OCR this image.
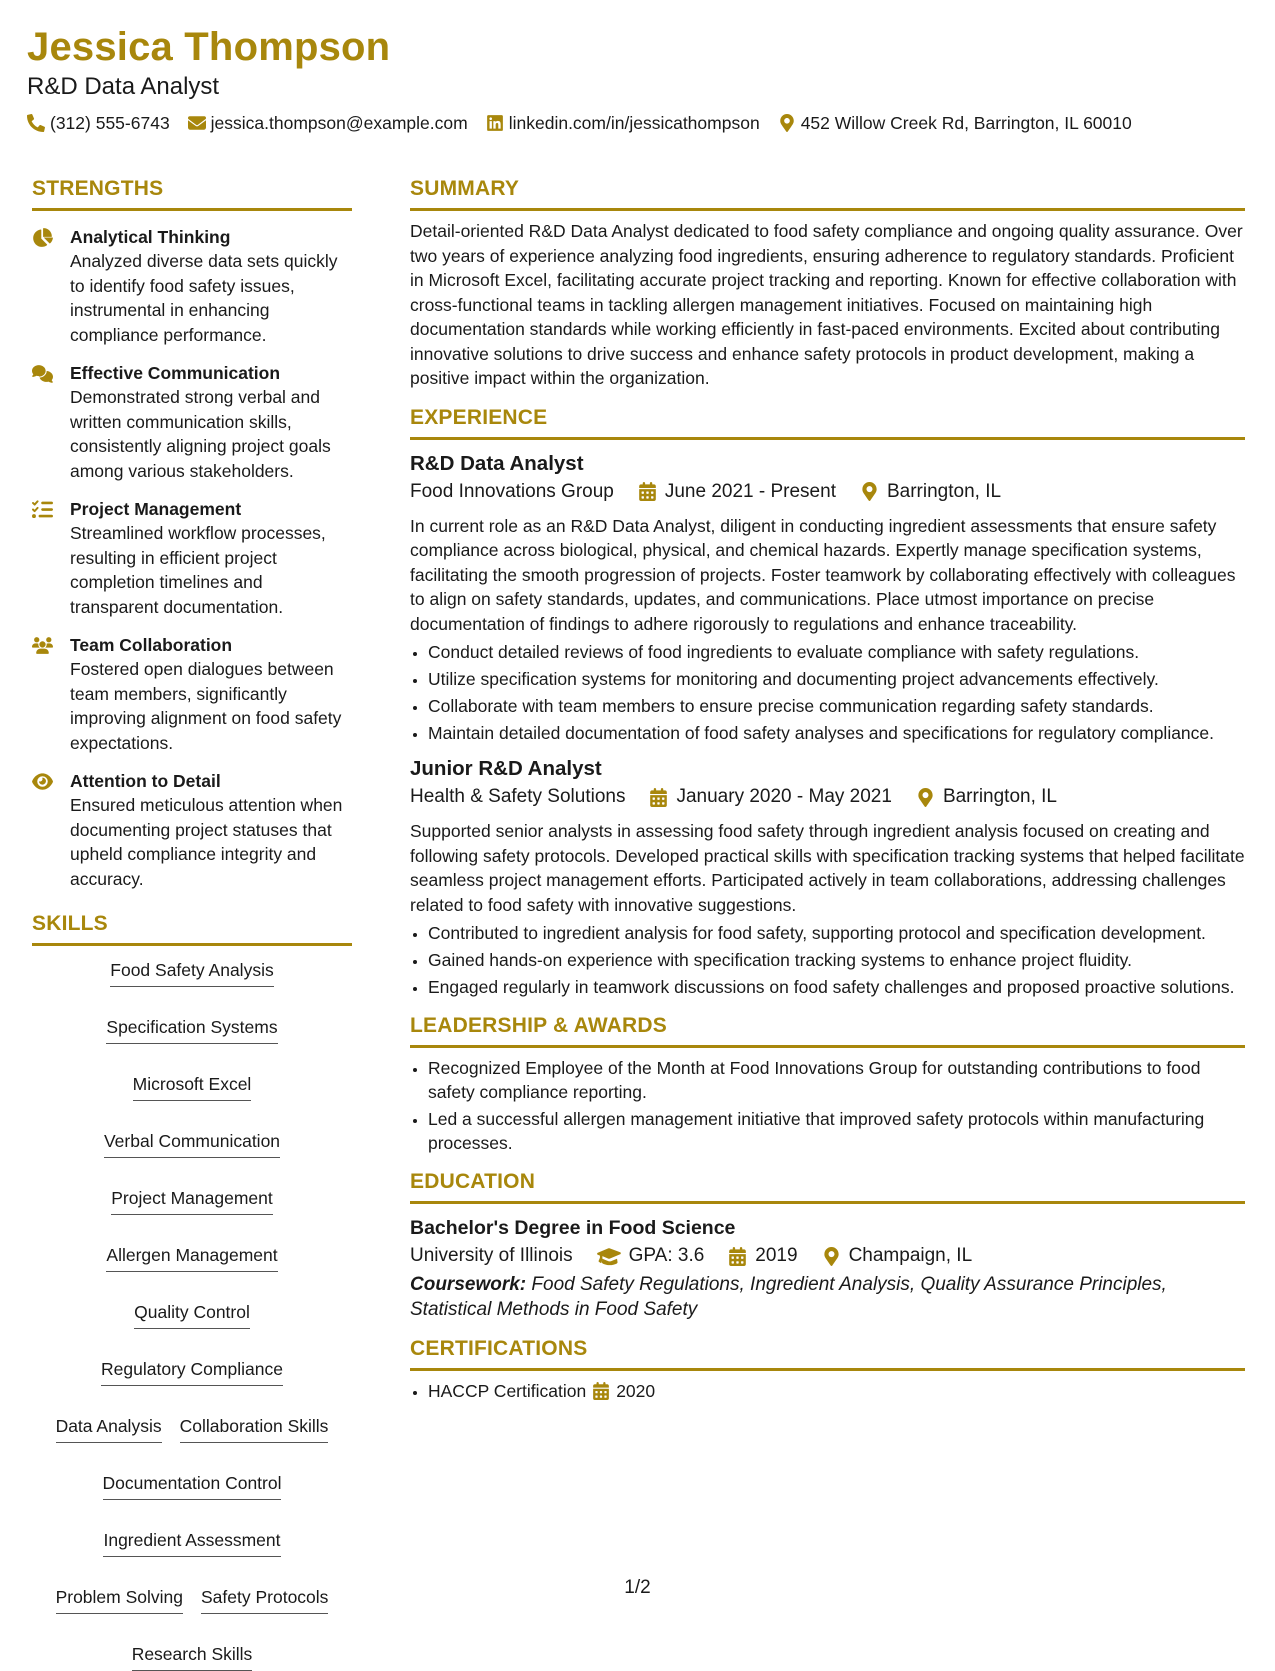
Jessica Thompson
R&D Data Analyst
(312) 555-6743 jessica.thompson@example.com linkedin.com/in/jessicathompson 452 Willow Creek Rd, Barrington, IL 60010
STRENGTHS
Analytical Thinking
Analyzed diverse data sets quickly to identify food safety issues, instrumental in enhancing compliance performance.
Effective Communication
Demonstrated strong verbal and written communication skills, consistently aligning project goals among various stakeholders.
Project Management
Streamlined workflow processes, resulting in efficient project completion timelines and transparent documentation.
Team Collaboration
Fostered open dialogues between team members, significantly improving alignment on food safety expectations.
Attention to Detail
Ensured meticulous attention when documenting project statuses that upheld compliance integrity and accuracy.
SKILLS
Food Safety Analysis
Specification Systems
Microsoft Excel
Verbal Communication
Project Management
Allergen Management
Quality Control
Regulatory Compliance
Data Analysis Collaboration Skills
Documentation Control
Ingredient Assessment
Problem Solving Safety Protocols
Research Skills
SUMMARY

Detail-oriented R&D Data Analyst dedicated to food safety compliance and ongoing quality assurance. Over two years of experience analyzing food ingredients, ensuring adherence to regulatory standards. Proficient in Microsoft Excel, facilitating accurate project tracking and reporting. Known for effective collaboration with cross-functional teams in tackling allergen management initiatives. Focused on maintaining high documentation standards while working efficiently in fast-paced environments. Excited about contributing innovative solutions to drive success and enhance safety protocols in product development, making a positive impact within the organization.

EXPERIENCE
R&D Data Analyst
Food Innovations Group	June 2021 - Present	Barrington, IL

In current role as an R&D Data Analyst, diligent in conducting ingredient assessments that ensure safety compliance across biological, physical, and chemical hazards. Expertly manage specification systems, facilitating the smooth progression of projects. Foster teamwork by collaborating effectively with colleagues to align on safety standards, updates, and communications. Place utmost importance on precise documentation of findings to adhere rigorously to regulations and enhance traceability.

• Conduct detailed reviews of food ingredients to evaluate compliance with safety regulations.
• Utilize specification systems for monitoring and documenting project advancements effectively.
• Collaborate with team members to ensure precise communication regarding safety standards.
• Maintain detailed documentation of food safety analyses and specifications for regulatory compliance.
Junior R&D Analyst
Health & Safety Solutions	January 2020 - May 2021	Barrington, IL

Supported senior analysts in assessing food safety through ingredient analysis focused on creating and following safety protocols. Developed practical skills with specification tracking systems that helped facilitate seamless project management efforts. Participated actively in team collaborations, addressing challenges related to food safety with innovative suggestions.

• Contributed to ingredient analysis for food safety, supporting protocol and specification development.
• Gained hands-on experience with specification tracking systems to enhance project fluidity.
• Engaged regularly in teamwork discussions on food safety challenges and proposed proactive solutions.
LEADERSHIP & AWARDS
• Recognized Employee of the Month at Food Innovations Group for outstanding contributions to food safety compliance reporting.
• Led a successful allergen management initiative that improved safety protocols within manufacturing processes.
EDUCATION
Bachelor's Degree in Food Science
University of Illinois	GPA: 3.6	2019	Champaign, IL
Coursework: Food Safety Regulations, Ingredient Analysis, Quality Assurance Principles, Statistical Methods in Food Safety
CERTIFICATIONS
• HACCP Certification 2020
1/2
